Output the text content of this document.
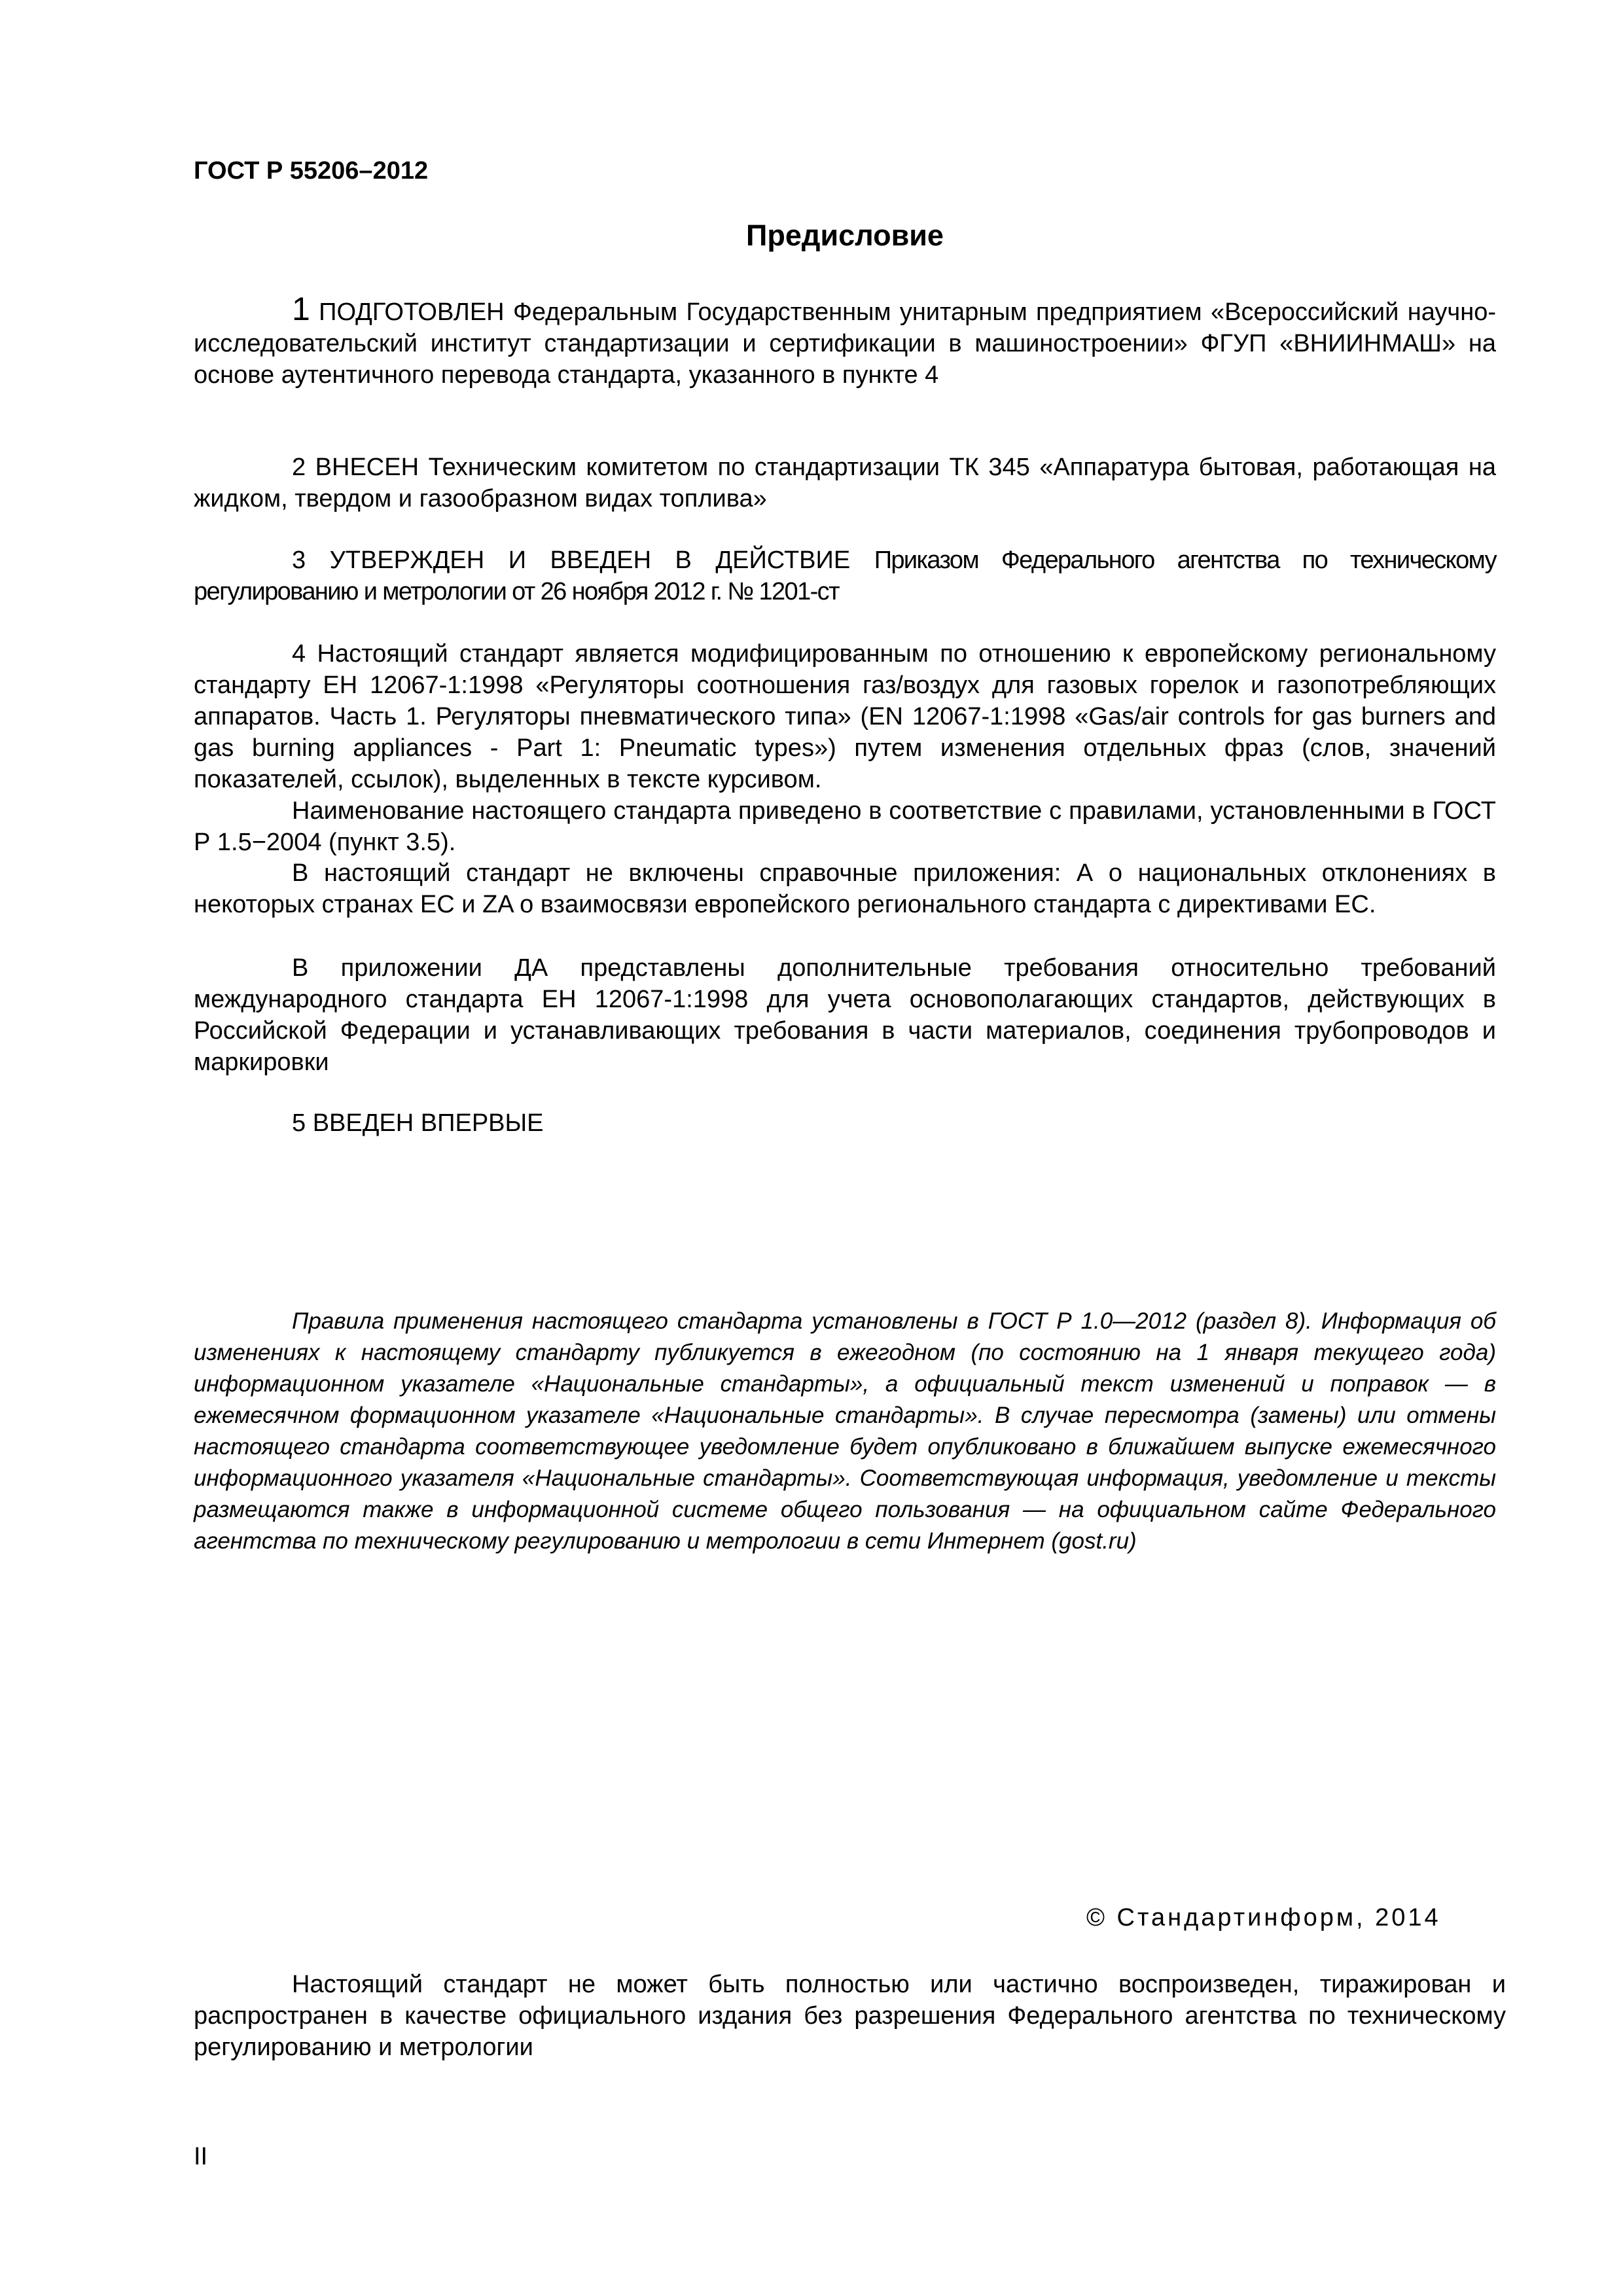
ГОСТ Р 55206–2012
Предисловие

1 ПОДГОТОВЛЕН Федеральным Государственным унитарным предприятием «Всероссийский научно-исследовательский институт стандартизации и сертификации в машиностроении» ФГУП «ВНИИНМАШ» на основе аутентичного перевода стандарта, указанного в пункте 4

2 ВНЕСЕН Техническим комитетом по стандартизации ТК 345 «Аппаратура бытовая, работающая на жидком, твердом и газообразном видах топлива»

3 УТВЕРЖДЕН И ВВЕДЕН В ДЕЙСТВИЕ Приказом Федерального агентства по техническому регулированию и метрологии от 26 ноября 2012 г. № 1201-ст

4 Настоящий стандарт является модифицированным по отношению к европейскому региональному стандарту ЕН 12067-1:1998 «Регуляторы соотношения газ/воздух для газовых горелок и газопотребляющих аппаратов. Часть 1. Регуляторы пневматического типа» (EN 12067-1:1998 «Gas/air controls for gas burners and gas burning appliances - Part 1: Pneumatic types») путем изменения отдельных фраз (слов, значений показателей, ссылок), выделенных в тексте курсивом.

Наименование настоящего стандарта приведено в соответствие с правилами, установленными в ГОСТ Р 1.5−2004 (пункт 3.5).

В настоящий стандарт не включены справочные приложения: А о национальных отклонениях в некоторых странах ЕС и ZA о взаимосвязи европейского регионального стандарта с директивами ЕС.

В приложении ДА представлены дополнительные требования относительно требований международного стандарта ЕН 12067-1:1998 для учета основополагающих стандартов, действующих в Российской Федерации и устанавливающих требования в части материалов, соединения трубопроводов и маркировки

5 ВВЕДЕН ВПЕРВЫЕ

Правила применения настоящего стандарта установлены в ГОСТ Р 1.0—2012 (раздел 8). Информация об изменениях к настоящему стандарту публикуется в ежегодном (по состоянию на 1 января текущего года) информационном указателе «Национальные стандарты», а официальный текст изменений и поправок — в ежемесячном формационном указателе «Национальные стандарты». В случае пересмотра (замены) или отмены настоящего стандарта соответствующее уведомление будет опубликовано в ближайшем выпуске ежемесячного информационного указателя «Национальные стандарты». Соответствующая информация, уведомление и тексты размещаются также в информационной системе общего пользования — на официальном сайте Федерального агентства по техническому регулированию и метрологии в сети Интернет (gost.ru)

© Стандартинформ, 2014

Настоящий стандарт не может быть полностью или частично воспроизведен, тиражирован и распространен в качестве официального издания без разрешения Федерального агентства по техническому регулированию и метрологии

II
